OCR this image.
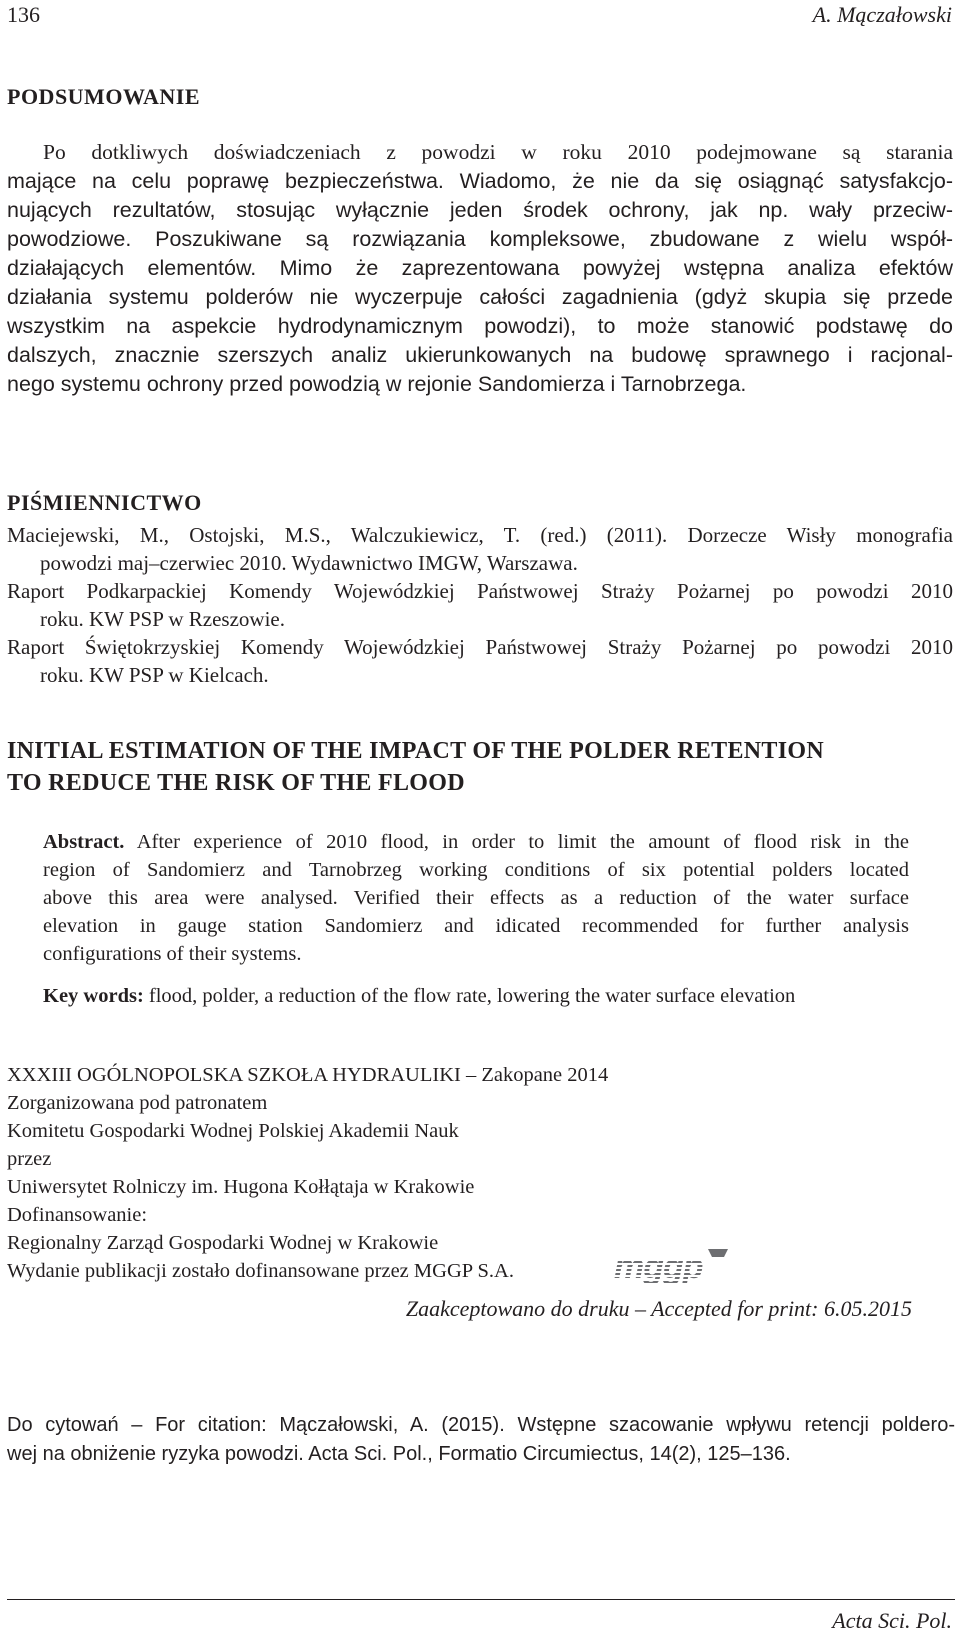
136	A. Mączałowski
PODSUMOWANIE
Po dotkliwych doświadczeniach z powodzi w roku 2010 podejmowane są starania
mające na celu poprawę bezpieczeństwa. Wiadomo, że nie da się osiągnąć satysfakcjo-
nujących rezultatów, stosując wyłącznie jeden środek ochrony, jak np. wały przeciw-
powodziowe. Poszukiwane są rozwiązania kompleksowe, zbudowane z wielu współ-
działających elementów. Mimo że zaprezentowana powyżej wstępna analiza efektów
działania systemu polderów nie wyczerpuje całości zagadnienia (gdyż skupia się przede
wszystkim na aspekcie hydrodynamicznym powodzi), to może stanowić podstawę do
dalszych, znacznie szerszych analiz ukierunkowanych na budowę sprawnego i racjonal-
nego systemu ochrony przed powodzią w rejonie Sandomierza i Tarnobrzega.
PIŚMIENNICTWO
Maciejewski, M., Ostojski, M.S., Walczukiewicz, T. (red.) (2011). Dorzecze Wisły monografia
powodzi maj–czerwiec 2010. Wydawnictwo IMGW, Warszawa.
Raport Podkarpackiej Komendy Wojewódzkiej Państwowej Straży Pożarnej po powodzi 2010
roku. KW PSP w Rzeszowie.
Raport Świętokrzyskiej Komendy Wojewódzkiej Państwowej Straży Pożarnej po powodzi 2010
roku. KW PSP w Kielcach.
INITIAL ESTIMATION OF THE IMPACT OF THE POLDER RETENTION
TO REDUCE THE RISK OF THE FLOOD
Abstract. After experience of 2010 flood, in order to limit the amount of flood risk in the
region of Sandomierz and Tarnobrzeg working conditions of six potential polders located
above this area were analysed. Verified their effects as a reduction of the water surface
elevation in gauge station Sandomierz and idicated recommended for further analysis
configurations of their systems.
Key words: flood, polder, a reduction of the flow rate, lowering the water surface elevation
XXXIII OGÓLNOPOLSKA SZKOŁA HYDRAULIKI – Zakopane 2014
Zorganizowana pod patronatem
Komitetu Gospodarki Wodnej Polskiej Akademii Nauk
przez
Uniwersytet Rolniczy im. Hugona Kołłątaja w Krakowie
Dofinansowanie:
Regionalny Zarząd Gospodarki Wodnej w Krakowie
Wydanie publikacji zostało dofinansowane przez MGGP S.A.	mggp
Zaakceptowano do druku – Accepted for print: 6.05.2015
Do cytowań – For citation: Mączałowski, A. (2015). Wstępne szacowanie wpływu retencji poldero-
wej na obniżenie ryzyka powodzi. Acta Sci. Pol., Formatio Circumiectus, 14(2), 125–136.
Acta Sci. Pol.
